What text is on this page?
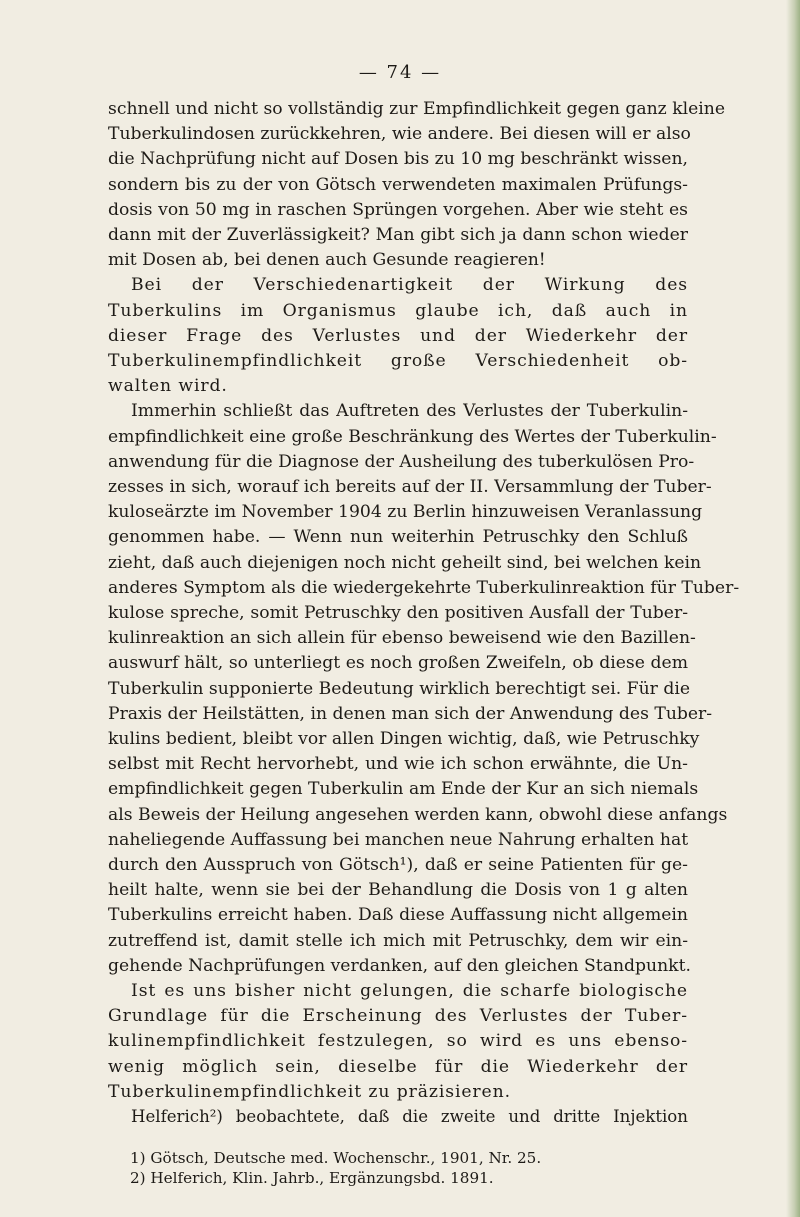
— 74 —
schnell und nicht so vollständig zur Empfindlichkeit gegen ganz kleine
Tuberkulindosen zurückkehren, wie andere. Bei diesen will er also
die Nachprüfung nicht auf Dosen bis zu 10 mg beschränkt wissen,
sondern bis zu der von Götsch verwendeten maximalen Prüfungs-
dosis von 50 mg in raschen Sprüngen vorgehen. Aber wie steht es
dann mit der Zuverlässigkeit? Man gibt sich ja dann schon wieder
mit Dosen ab, bei denen auch Gesunde reagieren!
Bei der Verschiedenartigkeit der Wirkung des
Tuberkulins im Organismus glaube ich, daß auch in
dieser Frage des Verlustes und der Wiederkehr der
Tuberkulinempfindlichkeit große Verschiedenheit ob-
walten wird.
Immerhin schließt das Auftreten des Verlustes der Tuberkulin-
empfindlichkeit eine große Beschränkung des Wertes der Tuberkulin-
anwendung für die Diagnose der Ausheilung des tuberkulösen Pro-
zesses in sich, worauf ich bereits auf der II. Versammlung der Tuber-
kuloseärzte im November 1904 zu Berlin hinzuweisen Veranlassung
genommen habe. — Wenn nun weiterhin Petruschky den Schluß
zieht, daß auch diejenigen noch nicht geheilt sind, bei welchen kein
anderes Symptom als die wiedergekehrte Tuberkulinreaktion für Tuber-
kulose spreche, somit Petruschky den positiven Ausfall der Tuber-
kulinreaktion an sich allein für ebenso beweisend wie den Bazillen-
auswurf hält, so unterliegt es noch großen Zweifeln, ob diese dem
Tuberkulin supponierte Bedeutung wirklich berechtigt sei. Für die
Praxis der Heilstätten, in denen man sich der Anwendung des Tuber-
kulins bedient, bleibt vor allen Dingen wichtig, daß, wie Petruschky
selbst mit Recht hervorhebt, und wie ich schon erwähnte, die Un-
empfindlichkeit gegen Tuberkulin am Ende der Kur an sich niemals
als Beweis der Heilung angesehen werden kann, obwohl diese anfangs
naheliegende Auffassung bei manchen neue Nahrung erhalten hat
durch den Ausspruch von Götsch¹), daß er seine Patienten für ge-
heilt halte, wenn sie bei der Behandlung die Dosis von 1 g alten
Tuberkulins erreicht haben. Daß diese Auffassung nicht allgemein
zutreffend ist, damit stelle ich mich mit Petruschky, dem wir ein-
gehende Nachprüfungen verdanken, auf den gleichen Standpunkt.
Ist es uns bisher nicht gelungen, die scharfe biologische
Grundlage für die Erscheinung des Verlustes der Tuber-
kulinempfindlichkeit festzulegen, so wird es uns ebenso-
wenig möglich sein, dieselbe für die Wiederkehr der
Tuberkulinempfindlichkeit zu präzisieren.
Helferich²) beobachtete, daß die zweite und dritte Injektion
1) Götsch, Deutsche med. Wochenschr., 1901, Nr. 25.
2) Helferich, Klin. Jahrb., Ergänzungsbd. 1891.
